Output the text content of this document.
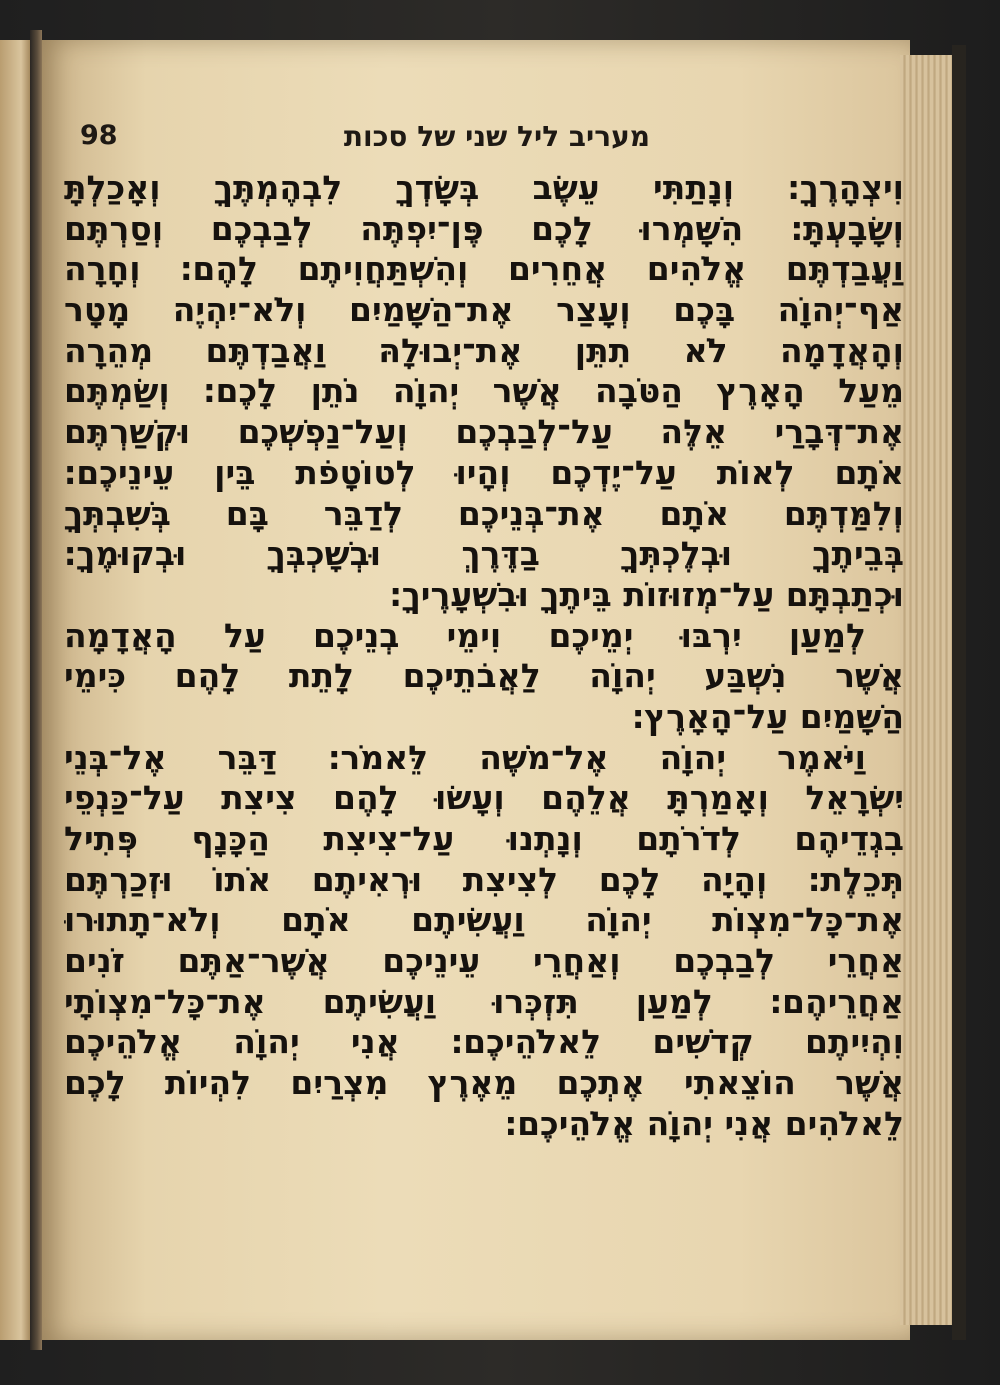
98	מעריב ליל שני של סכות
וִיצְהָרֶךָ׃ וְנָתַתִּי עֵשֶׂב בְּשָׂדְךָ לִבְהֶמְתֶּךָ וְאָכַלְתָּ
וְשָׂבָעְתָּ׃ הִשָּׁמְרוּ לָכֶם פֶּן־יִפְתֶּה לְבַבְכֶם וְסַרְתֶּם
וַעֲבַדְתֶּם אֱלֹהִים אֲחֵרִים וְהִשְׁתַּחֲוִיתֶם לָהֶם׃ וְחָרָה
אַף־יְהוָֹה בָּכֶם וְעָצַר אֶת־הַשָּׁמַיִם וְלֹא־יִהְיֶה מָטָר
וְהָאֲדָמָה לֹא תִתֵּן אֶת־יְבוּלָהּ וַאֲבַדְתֶּם מְהֵרָה
מֵעַל הָאָרֶץ הַטֹּבָה אֲשֶׁר יְהוָֹה נֹתֵן לָכֶם׃ וְשַׂמְתֶּם
אֶת־דְּבָרַי אֵלֶּה עַל־לְבַבְכֶם וְעַל־נַפְשְׁכֶם וּקְשַׁרְתֶּם
אֹתָם לְאוֹת עַל־יֶדְכֶם וְהָיוּ לְטוֹטָפֹת בֵּין עֵינֵיכֶם׃
וְלִמַּדְתֶּם אֹתָם אֶת־בְּנֵיכֶם לְדַבֵּר בָּם בְּשִׁבְתְּךָ
בְּבֵיתֶךָ וּבְלֶכְתְּךָ בַדֶּרֶךְ וּבְשָׁכְבְּךָ וּבְקוּמֶךָ׃
וּכְתַבְתָּם עַל־מְזוּזוֹת בֵּיתֶךָ וּבִשְׁעָרֶיךָ׃
לְמַעַן יִרְבּוּ יְמֵיכֶם וִימֵי בְנֵיכֶם עַל הָאֲדָמָה
אֲשֶׁר נִשְׁבַּע יְהוָֹה לַאֲבֹתֵיכֶם לָתֵת לָהֶם כִּימֵי
הַשָּׁמַיִם עַל־הָאָרֶץ׃
וַיֹּאמֶר יְהוָֹה אֶל־מֹשֶׁה לֵּאמֹר׃ דַּבֵּר אֶל־בְּנֵי
יִשְׂרָאֵל וְאָמַרְתָּ אֲלֵהֶם וְעָשׂוּ לָהֶם צִיצִת עַל־כַּנְפֵי
בִגְדֵיהֶם לְדֹרֹתָם וְנָתְנוּ עַל־צִיצִת הַכָּנָף פְּתִיל
תְּכֵלֶת׃ וְהָיָה לָכֶם לְצִיצִת וּרְאִיתֶם אֹתוֹ וּזְכַרְתֶּם
אֶת־כָּל־מִצְוֹת יְהוָֹה וַעֲשִׂיתֶם אֹתָם וְלֹא־תָתוּרוּ
אַחֲרֵי לְבַבְכֶם וְאַחֲרֵי עֵינֵיכֶם אֲשֶׁר־אַתֶּם זֹנִים
אַחֲרֵיהֶם׃ לְמַעַן תִּזְכְּרוּ וַעֲשִׂיתֶם אֶת־כָּל־מִצְוֹתָי
וִהְיִיתֶם קְדֹשִׁים לֵאלֹהֵיכֶם׃ אֲנִי יְהוָֹה אֱלֹהֵיכֶם
אֲשֶׁר הוֹצֵאתִי אֶתְכֶם מֵאֶרֶץ מִצְרַיִם לִהְיוֹת לָכֶם
לֵאלֹהִים אֲנִי יְהוָֹה אֱלֹהֵיכֶם׃
